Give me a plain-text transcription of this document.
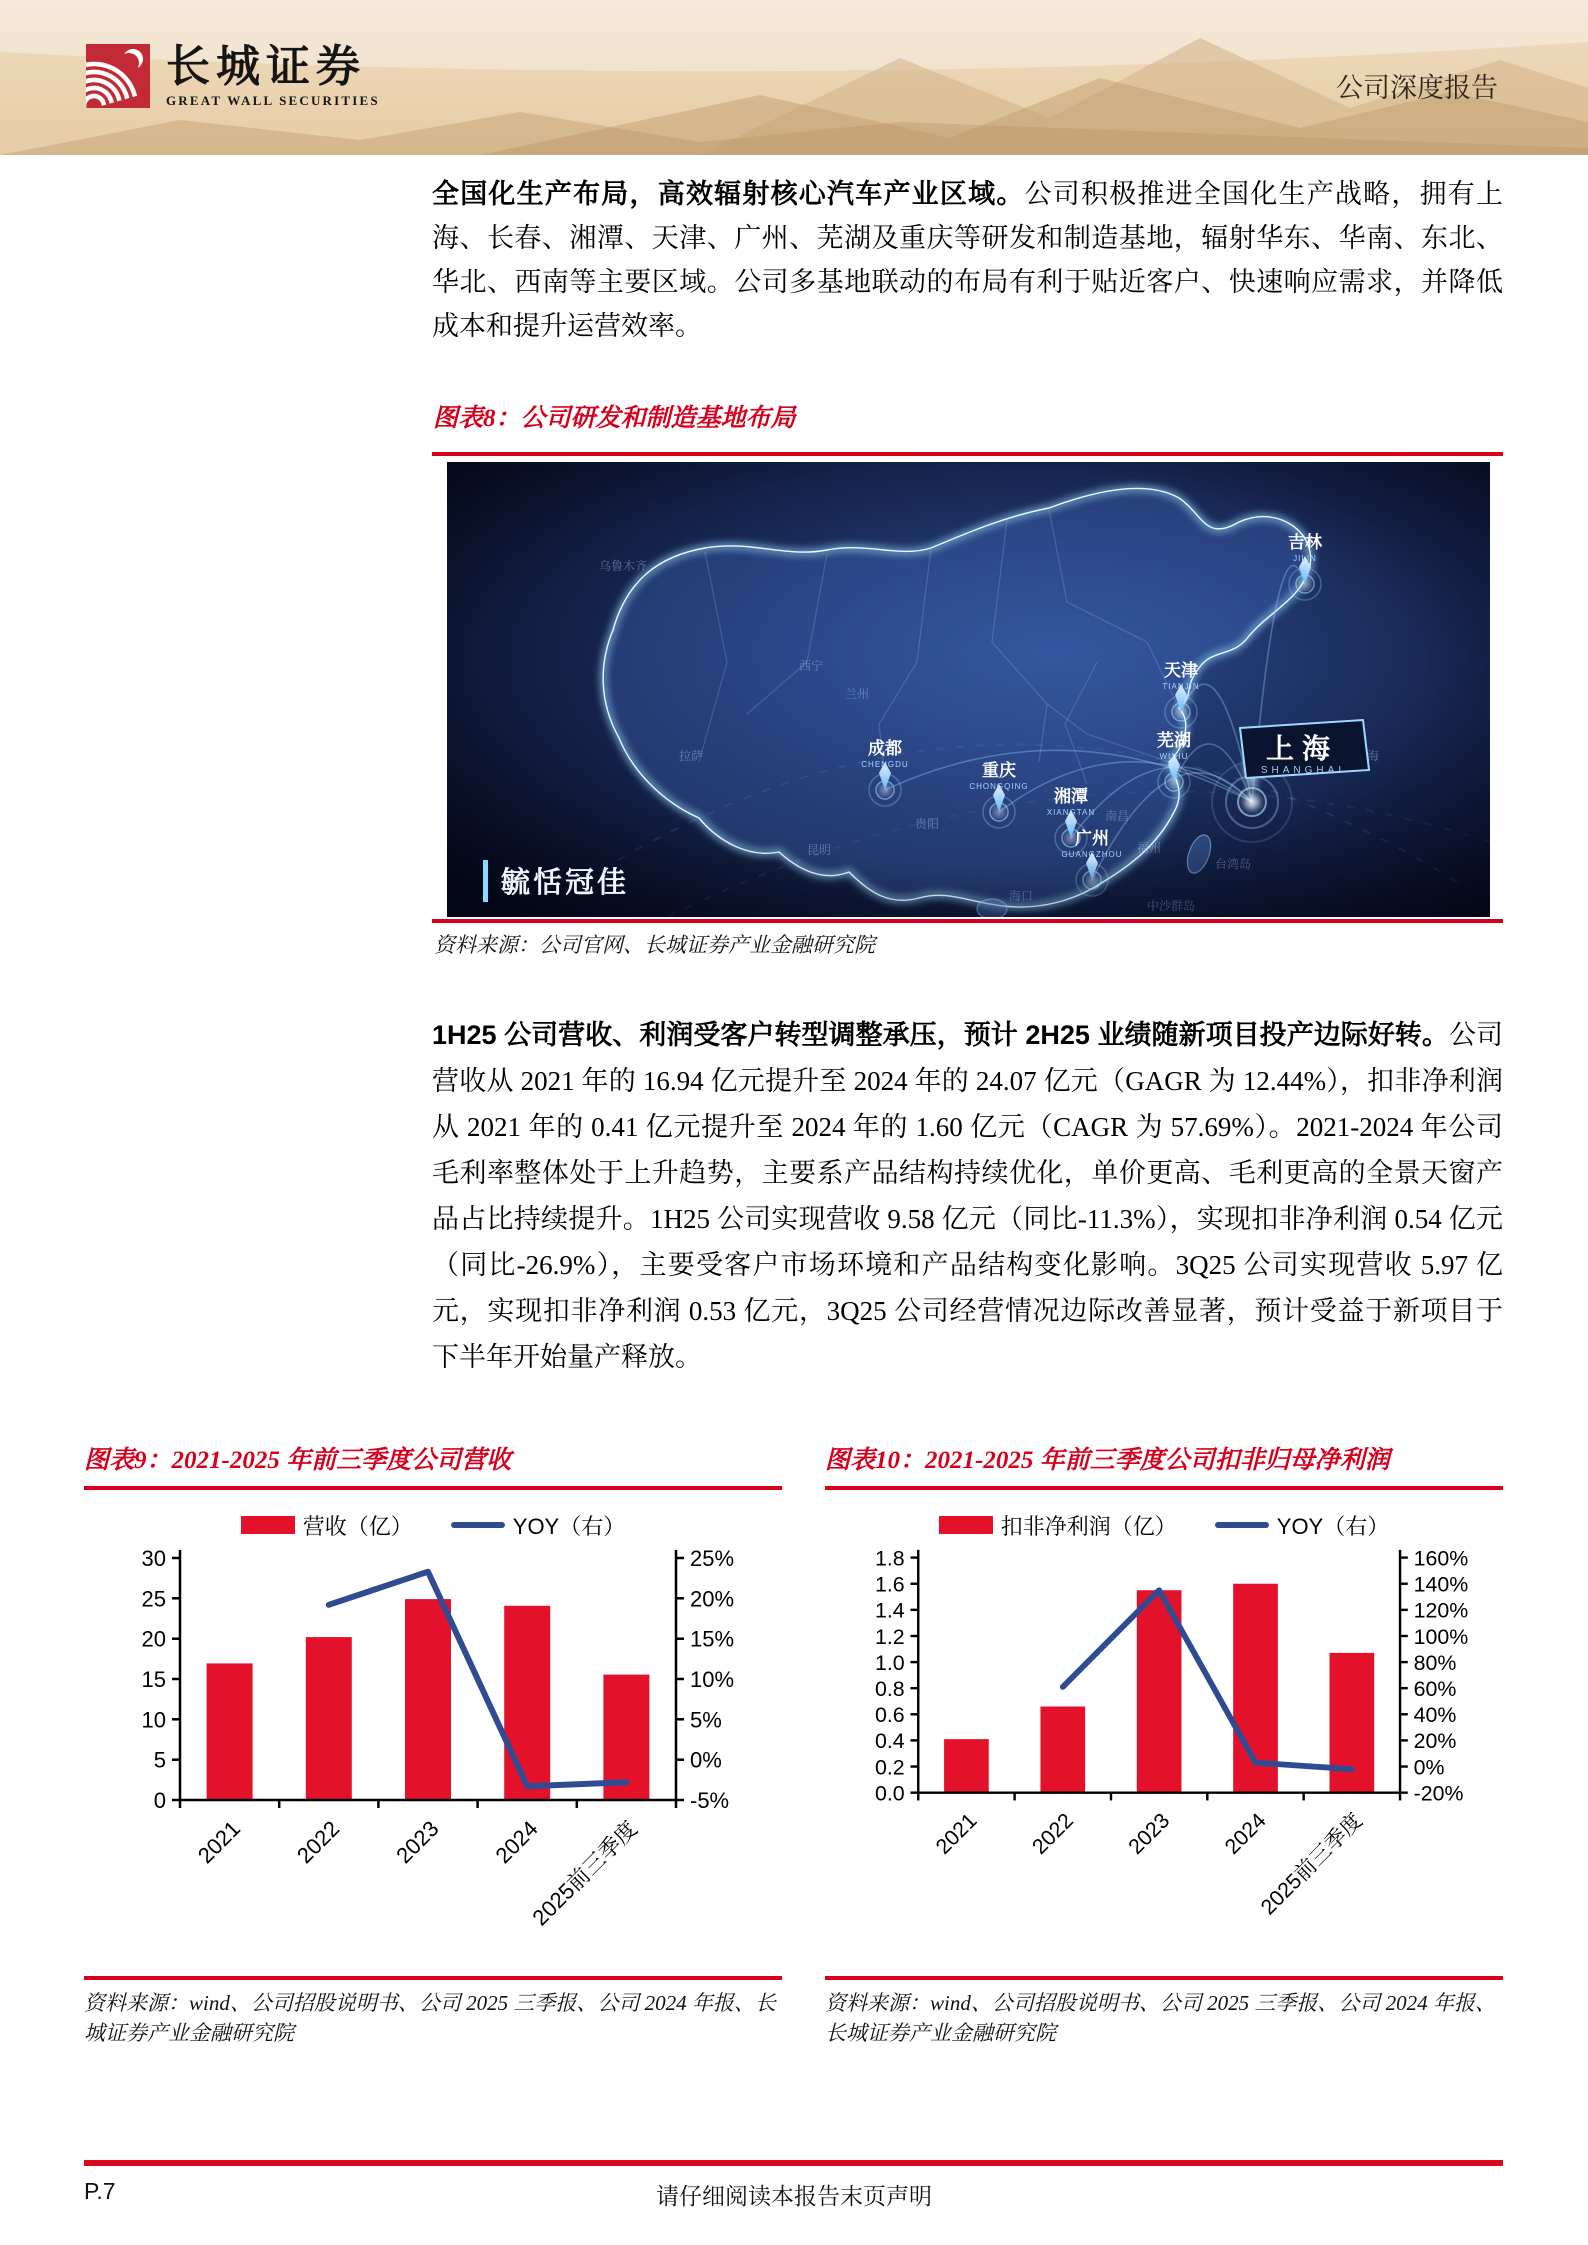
长城证券
GREAT WALL SECURITIES	公司深度报告

全国化生产布局，高效辐射核心汽车产业区域。公司积极推进全国化生产战略，拥有上海、长春、湘潭、天津、广州、芜湖及重庆等研发和制造基地，辐射华东、华南、东北、华北、西南等主要区域。公司多基地联动的布局有利于贴近客户、快速响应需求，并降低成本和提升运营效率。

图表8：公司研发和制造基地布局
毓恬冠佳
资料来源：公司官网、长城证券产业金融研究院

1H25 公司营收、利润受客户转型调整承压，预计 2H25 业绩随新项目投产边际好转。公司营收从 2021 年的 16.94 亿元提升至 2024 年的 24.07 亿元（GAGR 为 12.44%），扣非净利润从 2021 年的 0.41 亿元提升至 2024 年的 1.60 亿元（CAGR 为 57.69%）。2021-2024 年公司毛利率整体处于上升趋势，主要系产品结构持续优化，单价更高、毛利更高的全景天窗产品占比持续提升。1H25 公司实现营收 9.58 亿元（同比-11.3%），实现扣非净利润 0.54 亿元（同比-26.9%），主要受客户市场环境和产品结构变化影响。3Q25 公司实现营收 5.97 亿元，实现扣非净利润 0.53 亿元，3Q25 公司经营情况边际改善显著，预计受益于新项目于下半年开始量产释放。

图表9：2021-2025 年前三季度公司营收
营收（亿）	YOY（右）
0
5
10
15
20
25
30
-5%
0%
5%
10%
15%
20%
25%
2021 2022 2023 2024
2025前三季度
资料来源：wind、公司招股说明书、公司 2025 三季报、公司 2024 年报、长城证券产业金融研究院
图表10：2021-2025 年前三季度公司扣非归母净利润
扣非净利润（亿）	YOY（右）
0.0
0.2
0.4
0.6
0.8
1.0
1.2
1.4
1.6
1.8
-20%
0%
20%
40%
60%
80%
100%
120%
140%
160%
2021 2022 2023 2024
2025前三季度
资料来源：wind、公司招股说明书、公司 2025 三季报、公司 2024 年报、长城证券产业金融研究院
P.7	请仔细阅读本报告末页声明
